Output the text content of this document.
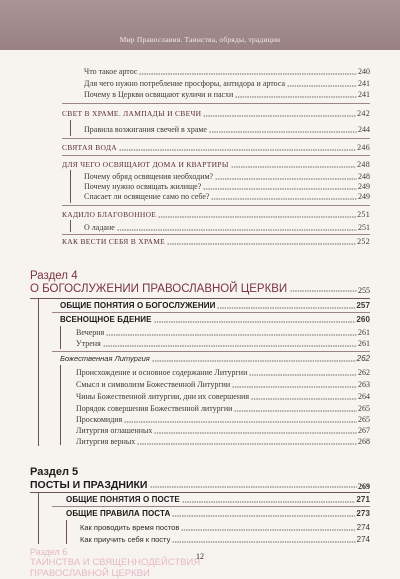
Мир Православия. Таинства, обряды, традиции
Что такое артос	240
Для чего нужно потребление просфоры, антидора и артоса	241
Почему в Церкви освящают куличи и пасхи	241
СВЕТ В ХРАМЕ. ЛАМПАДЫ И СВЕЧИ	242
Правила возжигания свечей в храме	244
СВЯТАЯ ВОДА	246
ДЛЯ ЧЕГО ОСВЯЩАЮТ ДОМА И КВАРТИРЫ	248
Почему обряд освящения необходим?	248
Почему нужно освящать жилище?	249
Спасает ли освящение само по себе?	249
КАДИЛО БЛАГОВОННОЕ	251
О ладане	251
КАК ВЕСТИ СЕБЯ В ХРАМЕ	252
Раздел 4
О БОГОСЛУЖЕНИИ ПРАВОСЛАВНОЙ ЦЕРКВИ	255
ОБЩИЕ ПОНЯТИЯ О БОГОСЛУЖЕНИИ	257
ВСЕНОЩНОЕ БДЕНИЕ	260
Вечерня	261
Утреня	261
Божественная Литургия	262
Происхождение и основное содержание Литургии	262
Смысл и символизм Божественной Литургии	263
Чины Божественной литургии, дни их совершения	264
Порядок совершения Божественной литургии	265
Проскомидия	265
Литургия оглашенных	267
Литургия верных	268
Раздел 5
ПОСТЫ И ПРАЗДНИКИ	269
ОБЩИЕ ПОНЯТИЯ О ПОСТЕ	271
ОБЩИЕ ПРАВИЛА ПОСТА	273
Как проводить время постов	274
Как приучить себя к посту	274
Раздел 6
ТАИНСТВА И СВЯЩЕННОДЕЙСТВИЯ
ПРАВОСЛАВНОЙ ЦЕРКВИ
12
